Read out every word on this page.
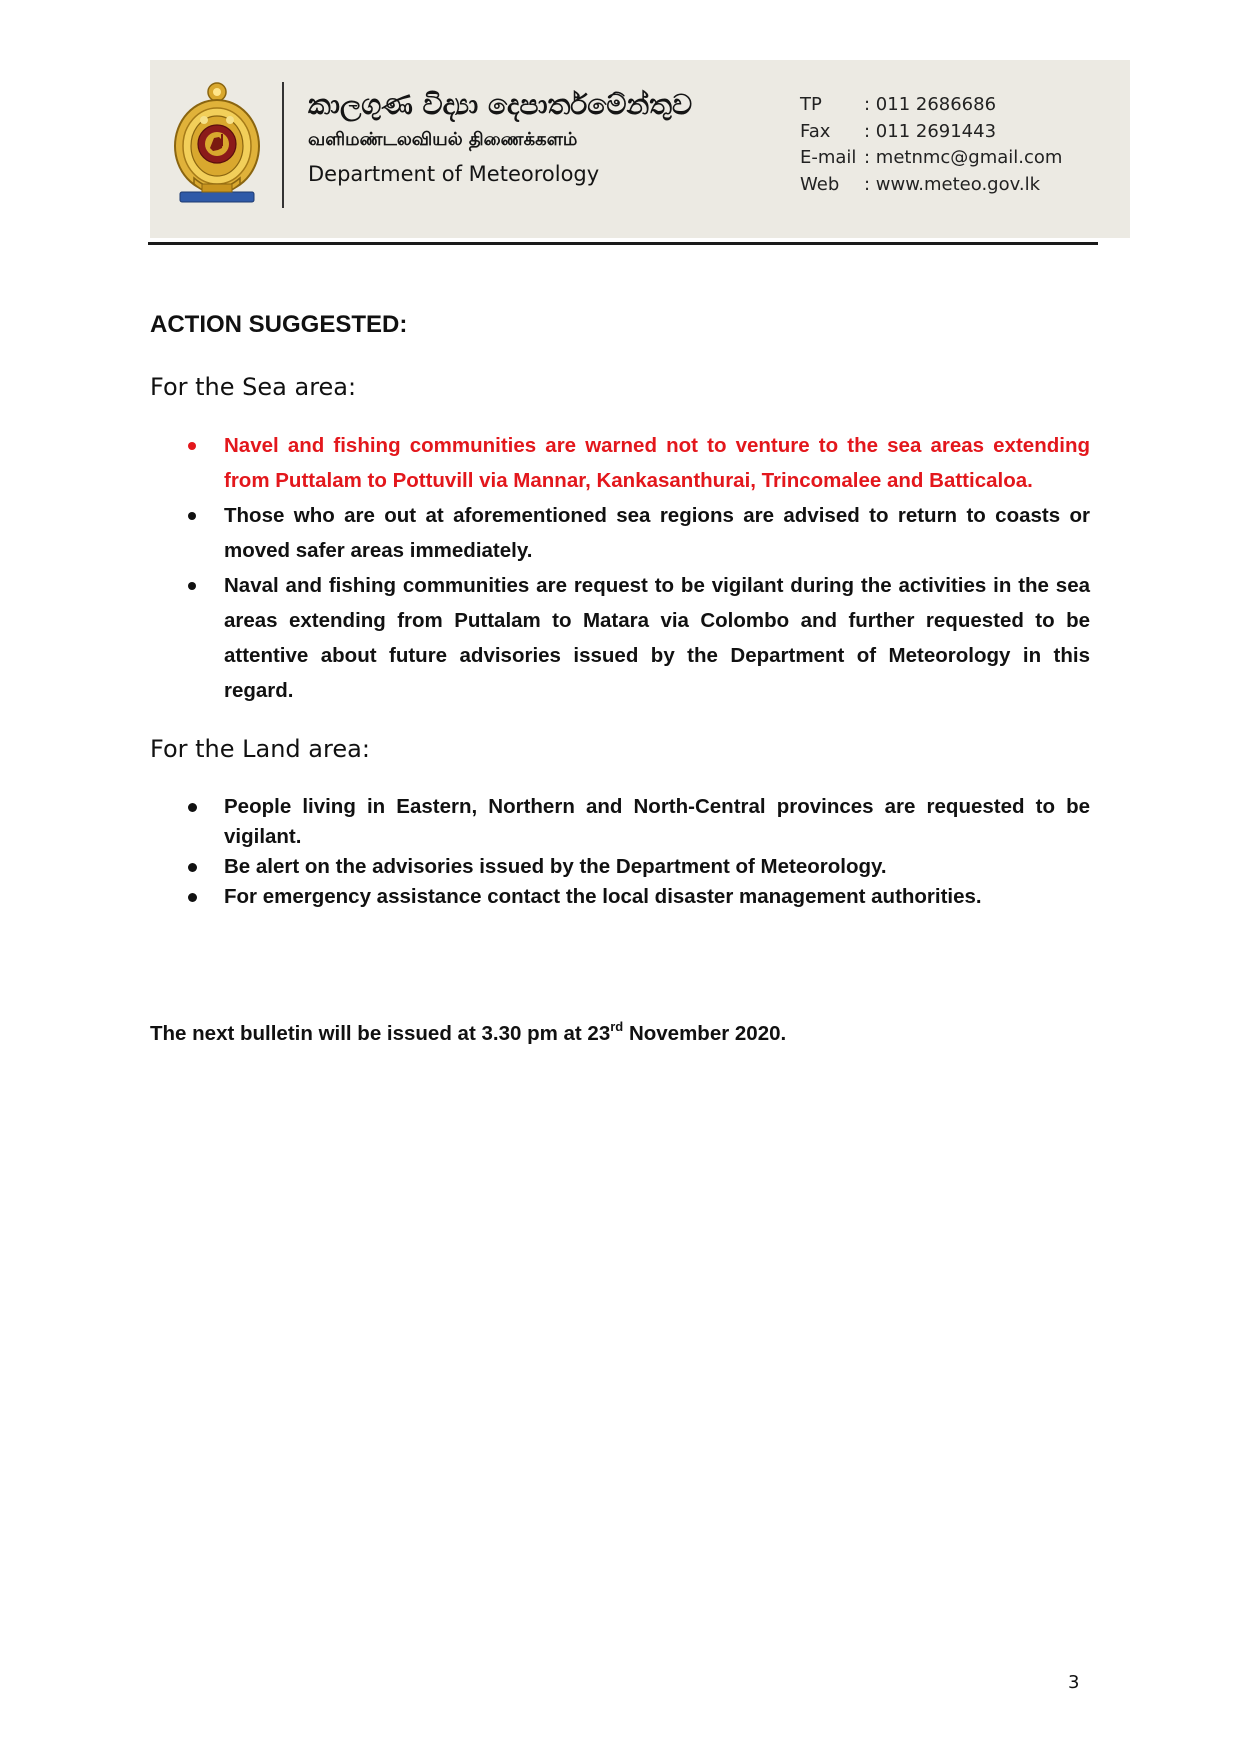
කාලගුණ විද්‍යා දෙපාර්තමේන්තුව
வளிமண்டலவியல் திணைக்களம்
Department of Meteorology
TP	: 011 2686686
Fax	: 011 2691443
E-mail : metnmc@gmail.com
Web	: www.meteo.gov.lk
ACTION SUGGESTED:
For the Sea area:
Navel and fishing communities are warned not to venture to the sea areas extending from Puttalam to Pottuvill via Mannar, Kankasanthurai, Trincomalee and Batticaloa.
Those who are out at aforementioned sea regions are advised to return to coasts or moved safer areas immediately.
Naval and fishing communities are request to be vigilant during the activities in the sea areas extending from Puttalam to Matara via Colombo and further requested to be attentive about future advisories issued by the Department of Meteorology in this regard.
For the Land area:
People living in Eastern, Northern and North-Central provinces are requested to be vigilant.
Be alert on the advisories issued by the Department of Meteorology.
For emergency assistance contact the local disaster management authorities.
The next bulletin will be issued at 3.30 pm at 23rd November 2020.
3
